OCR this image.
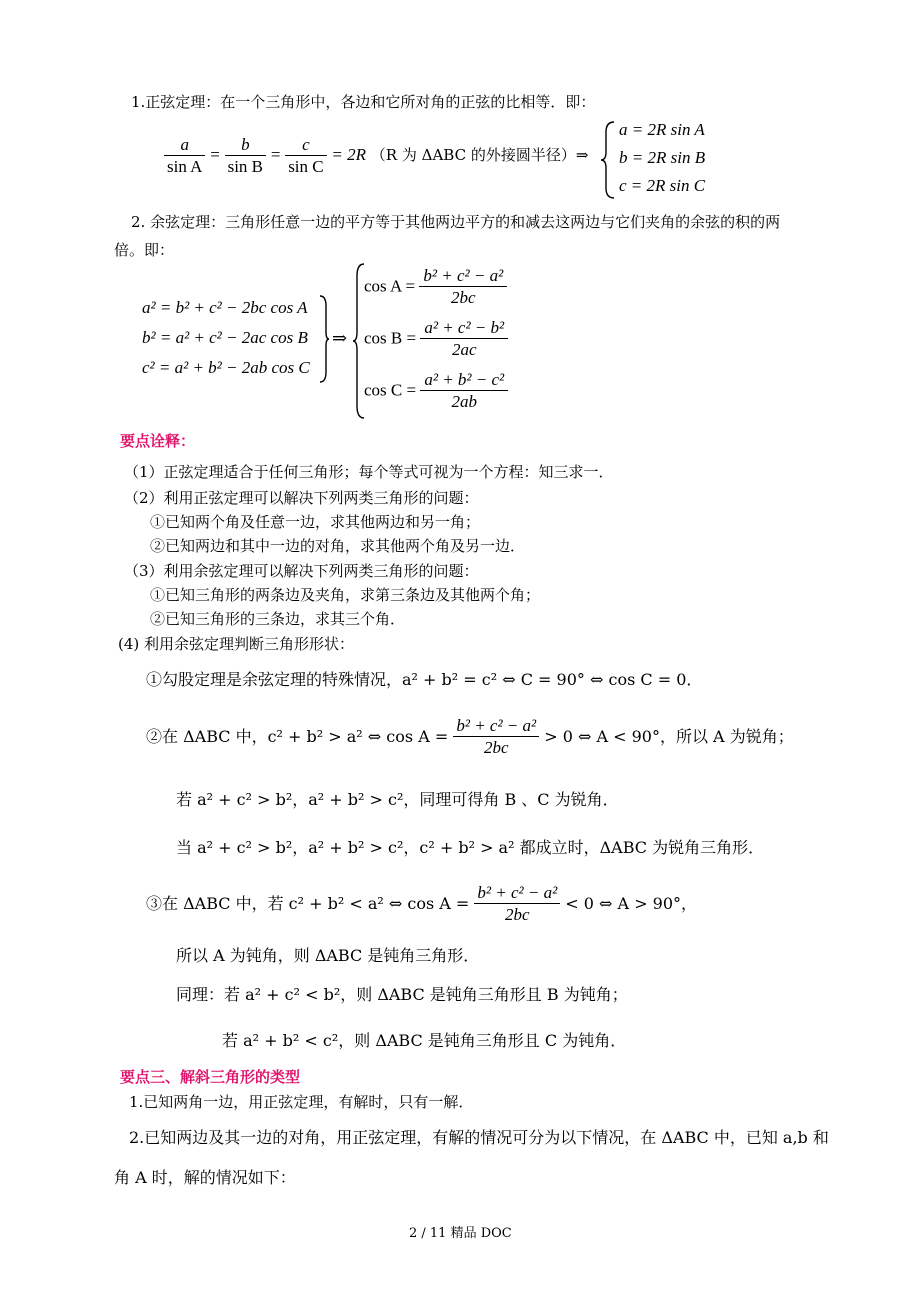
1.正弦定理：在一个三角形中，各边和它所对角的正弦的比相等．即：
$\frac{a}{\text{sin A}} = \frac{b}{\text{sin B}} = \frac{c}{\text{sin C}} = 2R$ （R 为 ΔABC 的外接圆半径）⇒
a = 2R sin A
b = 2R sin B
c = 2R sin C
2. 余弦定理：三角形任意一边的平方等于其他两边平方的和减去这两边与它们夹角的余弦的积的两
倍。即：
a² = b² + c² − 2bc cos A
b² = a² + c² − 2ac cos B
c² = a² + b² − 2ab cos C
⇒
$\cos A = \frac{\text{b² + c² − a²}}{2bc}$
$\cos B = \frac{\text{a² + c² − b²}}{2ac}$
$\cos C = \frac{\text{a² + b² − c²}}{2ab}$
要点诠释：
（1）正弦定理适合于任何三角形；每个等式可视为一个方程：知三求一．
（2）利用正弦定理可以解决下列两类三角形的问题：
①已知两个角及任意一边，求其他两边和另一角；
②已知两边和其中一边的对角，求其他两个角及另一边．
（3）利用余弦定理可以解决下列两类三角形的问题：
①已知三角形的两条边及夹角，求第三条边及其他两个角；
②已知三角形的三条边，求其三个角．
(4) 利用余弦定理判断三角形形状：
①勾股定理是余弦定理的特殊情况，a² + b² = c² ⇔ C = 90° ⇔ cos C = 0．
②在 ΔABC 中，c² + b² > a² ⇔ $\cos A = \frac{\text{b² + c² − a²}}{2bc} > 0$ ⇔ A < 90°，所以 A 为锐角；
若 a² + c² > b²，a² + b² > c²，同理可得角 B 、C 为锐角．
当 a² + c² > b²，a² + b² > c²，c² + b² > a² 都成立时，ΔABC 为锐角三角形．
③在 ΔABC 中，若 c² + b² < a² ⇔ $\cos A = \frac{\text{b² + c² − a²}}{2bc} < 0$ ⇔ A > 90°，
所以 A 为钝角，则 ΔABC 是钝角三角形．
同理：若 a² + c² < b²，则 ΔABC 是钝角三角形且 B 为钝角；
若 a² + b² < c²，则 ΔABC 是钝角三角形且 C 为钝角．
要点三、解斜三角形的类型
1.已知两角一边，用正弦定理，有解时，只有一解．
2.已知两边及其一边的对角，用正弦定理，有解的情况可分为以下情况，在 ΔABC 中，已知 a,b 和
角 A 时，解的情况如下：
2 / 11 精品 DOC
